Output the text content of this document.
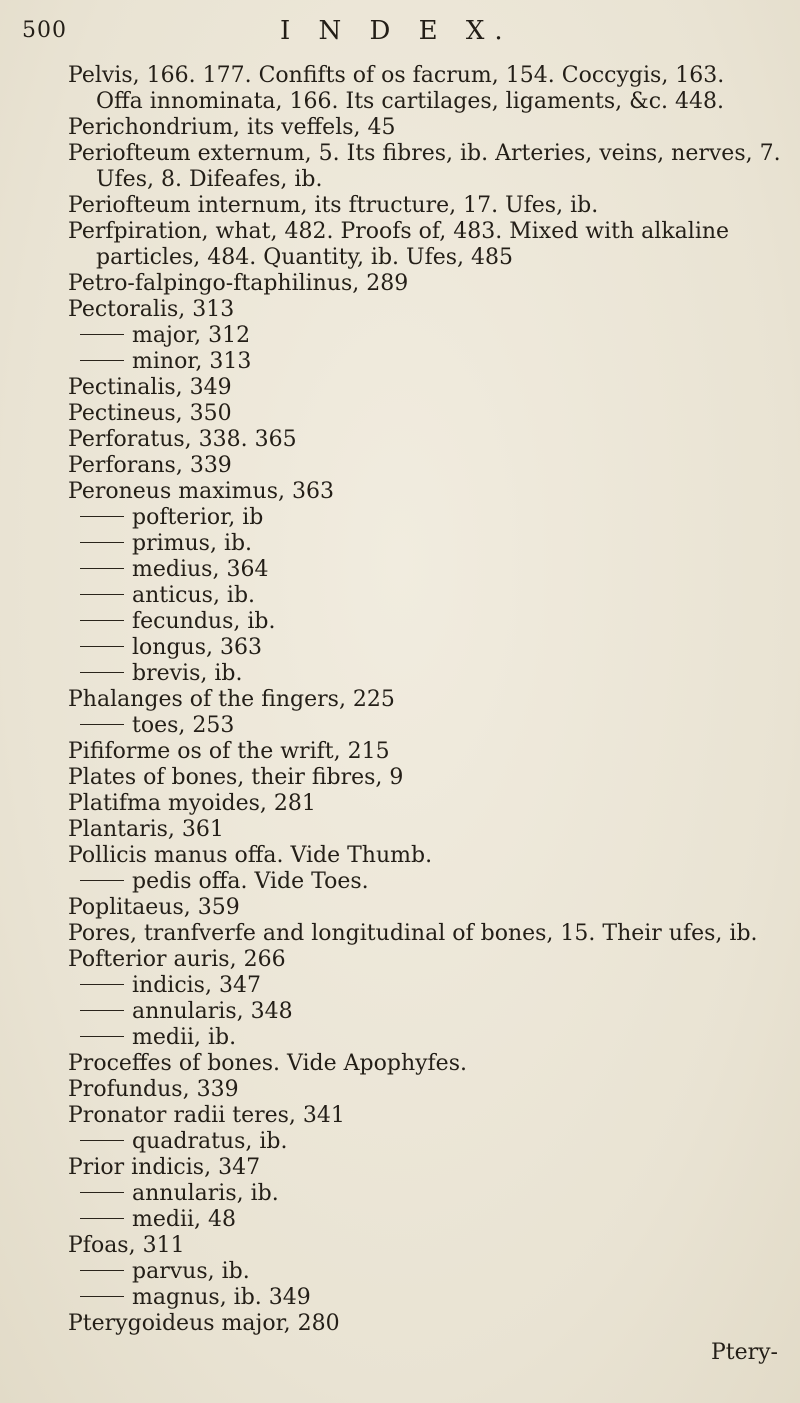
500	I N D E X.
Pelvis, 166. 177. Confifts of os facrum, 154. Coccygis, 163.
Offa innominata, 166. Its cartilages, ligaments, &c. 448.
Perichondrium, its veffels, 45
Periofteum externum, 5. Its fibres, ib. Arteries, veins, nerves, 7.
Ufes, 8. Difeafes, ib.
Periofteum internum, its ftructure, 17. Ufes, ib.
Perfpiration, what, 482. Proofs of, 483. Mixed with alkaline
particles, 484. Quantity, ib. Ufes, 485
Petro-falpingo-ftaphilinus, 289
Pectoralis, 313
major, 312
minor, 313
Pectinalis, 349
Pectineus, 350
Perforatus, 338. 365
Perforans, 339
Peroneus maximus, 363
pofterior, ib
primus, ib.
medius, 364
anticus, ib.
fecundus, ib.
longus, 363
brevis, ib.
Phalanges of the fingers, 225
toes, 253
Pififorme os of the wrift, 215
Plates of bones, their fibres, 9
Platifma myoides, 281
Plantaris, 361
Pollicis manus offa. Vide Thumb.
pedis offa. Vide Toes.
Poplitaeus, 359
Pores, tranfverfe and longitudinal of bones, 15. Their ufes, ib.
Pofterior auris, 266
indicis, 347
annularis, 348
medii, ib.
Proceffes of bones. Vide Apophyfes.
Profundus, 339
Pronator radii teres, 341
quadratus, ib.
Prior indicis, 347
annularis, ib.
medii, 48
Pfoas, 311
parvus, ib.
magnus, ib. 349
Pterygoideus major, 280
Ptery-
